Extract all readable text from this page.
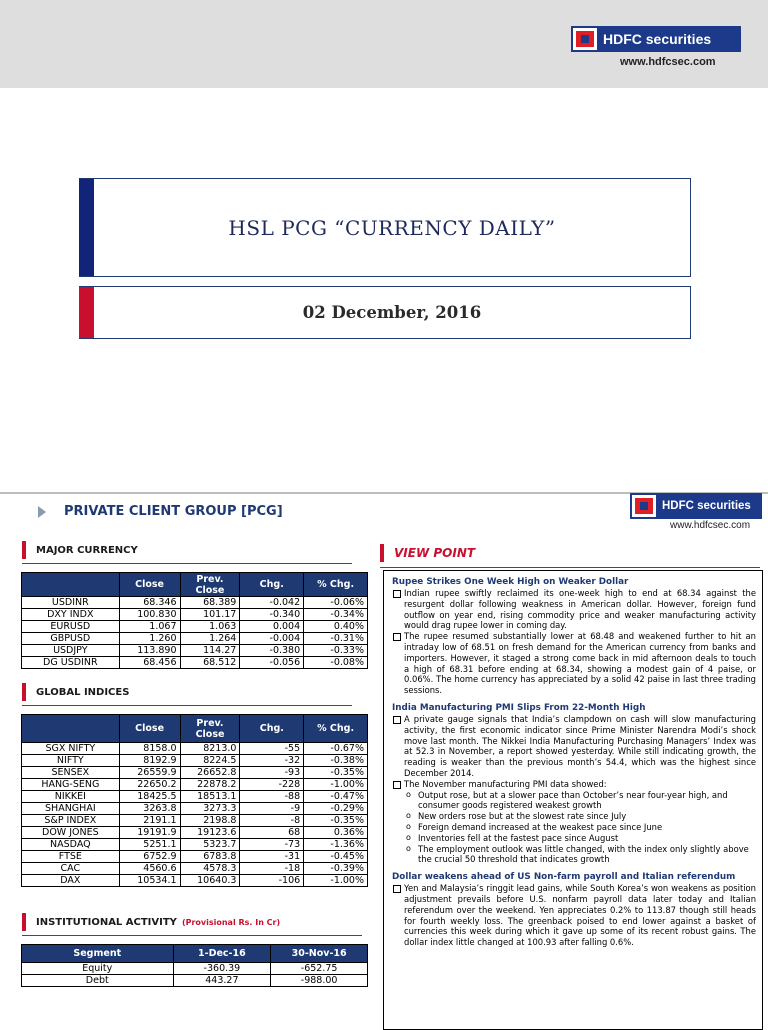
HDFC securities
www.hdfcsec.com
HSL PCG “CURRENCY DAILY”
02 December, 2016
PRIVATE CLIENT GROUP [PCG]	HDFC securities
www.hdfcsec.com
MAJOR CURRENCY
	Close	Prev. Close	Chg.	% Chg.
USDINR	68.346	68.389	-0.042	-0.06%
DXY INDX	100.830	101.17	-0.340	-0.34%
EURUSD	1.067	1.063	0.004	0.40%
GBPUSD	1.260	1.264	-0.004	-0.31%
USDJPY	113.890	114.27	-0.380	-0.33%
DG USDINR	68.456	68.512	-0.056	-0.08%
GLOBAL INDICES
	Close	Prev. Close	Chg.	% Chg.
SGX NIFTY	8158.0	8213.0	-55	-0.67%
NIFTY	8192.9	8224.5	-32	-0.38%
SENSEX	26559.9	26652.8	-93	-0.35%
HANG-SENG	22650.2	22878.2	-228	-1.00%
NIKKEI	18425.5	18513.1	-88	-0.47%
SHANGHAI	3263.8	3273.3	-9	-0.29%
S&P INDEX	2191.1	2198.8	-8	-0.35%
DOW JONES	19191.9	19123.6	68	0.36%
NASDAQ	5251.1	5323.7	-73	-1.36%
FTSE	6752.9	6783.8	-31	-0.45%
CAC	4560.6	4578.3	-18	-0.39%
DAX	10534.1	10640.3	-106	-1.00%
INSTITUTIONAL ACTIVITY (Provisional Rs. In Cr)
Segment	1-Dec-16	30-Nov-16
Equity	-360.39	-652.75
Debt	443.27	-988.00
VIEW POINT
Rupee Strikes One Week High on Weaker Dollar
Indian rupee swiftly reclaimed its one-week high to end at 68.34 against the resurgent dollar following weakness in American dollar. However, foreign fund outflow on year end, rising commodity price and weaker manufacturing activity would drag rupee lower in coming day.
The rupee resumed substantially lower at 68.48 and weakened further to hit an intraday low of 68.51 on fresh demand for the American currency from banks and importers. However, it staged a strong come back in mid afternoon deals to touch a high of 68.31 before ending at 68.34, showing a modest gain of 4 paise, or 0.06%. The home currency has appreciated by a solid 42 paise in last three trading sessions.
India Manufacturing PMI Slips From 22-Month High
A private gauge signals that India’s clampdown on cash will slow manufacturing activity, the first economic indicator since Prime Minister Narendra Modi’s shock move last month. The Nikkei India Manufacturing Purchasing Managers’ Index was at 52.3 in November, a report showed yesterday. While still indicating growth, the reading is weaker than the previous month’s 54.4, which was the highest since December 2014.
The November manufacturing PMI data showed:
o Output rose, but at a slower pace than October’s near four-year high, and consumer goods registered weakest growth
o New orders rose but at the slowest rate since July
o Foreign demand increased at the weakest pace since June
o Inventories fell at the fastest pace since August
o The employment outlook was little changed, with the index only slightly above the crucial 50 threshold that indicates growth
Dollar weakens ahead of US Non-farm payroll and Italian referendum
Yen and Malaysia’s ringgit lead gains, while South Korea’s won weakens as position adjustment prevails before U.S. nonfarm payroll data later today and Italian referendum over the weekend. Yen appreciates 0.2% to 113.87 though still heads for fourth weekly loss. The greenback poised to end lower against a basket of currencies this week during which it gave up some of its recent robust gains. The dollar index little changed at 100.93 after falling 0.6%.
